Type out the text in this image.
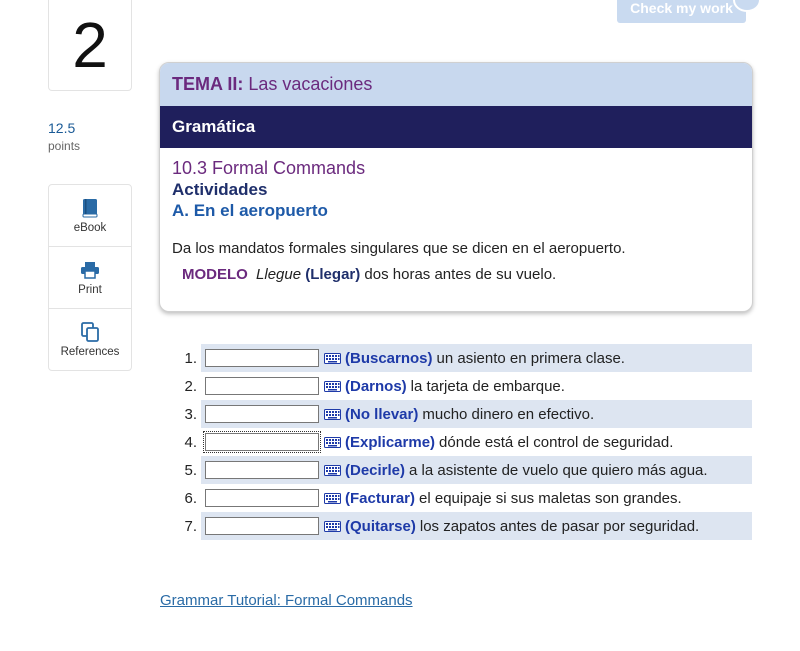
2
12.5
points
eBook
Print
References
Check my work
TEMA II: Las vacaciones
Gramática
10.3 Formal Commands
Actividades
A. En el aeropuerto
Da los mandatos formales singulares que se dicen en el aeropuerto.
MODELO Llegue (Llegar) dos horas antes de su vuelo.
1.	(Buscarnos) un asiento en primera clase.
2.	(Darnos) la tarjeta de embarque.
3.	(No llevar) mucho dinero en efectivo.
4.	(Explicarme) dónde está el control de seguridad.
5.	(Decirle) a la asistente de vuelo que quiero más agua.
6.	(Facturar) el equipaje si sus maletas son grandes.
7.	(Quitarse) los zapatos antes de pasar por seguridad.
Grammar Tutorial: Formal Commands
